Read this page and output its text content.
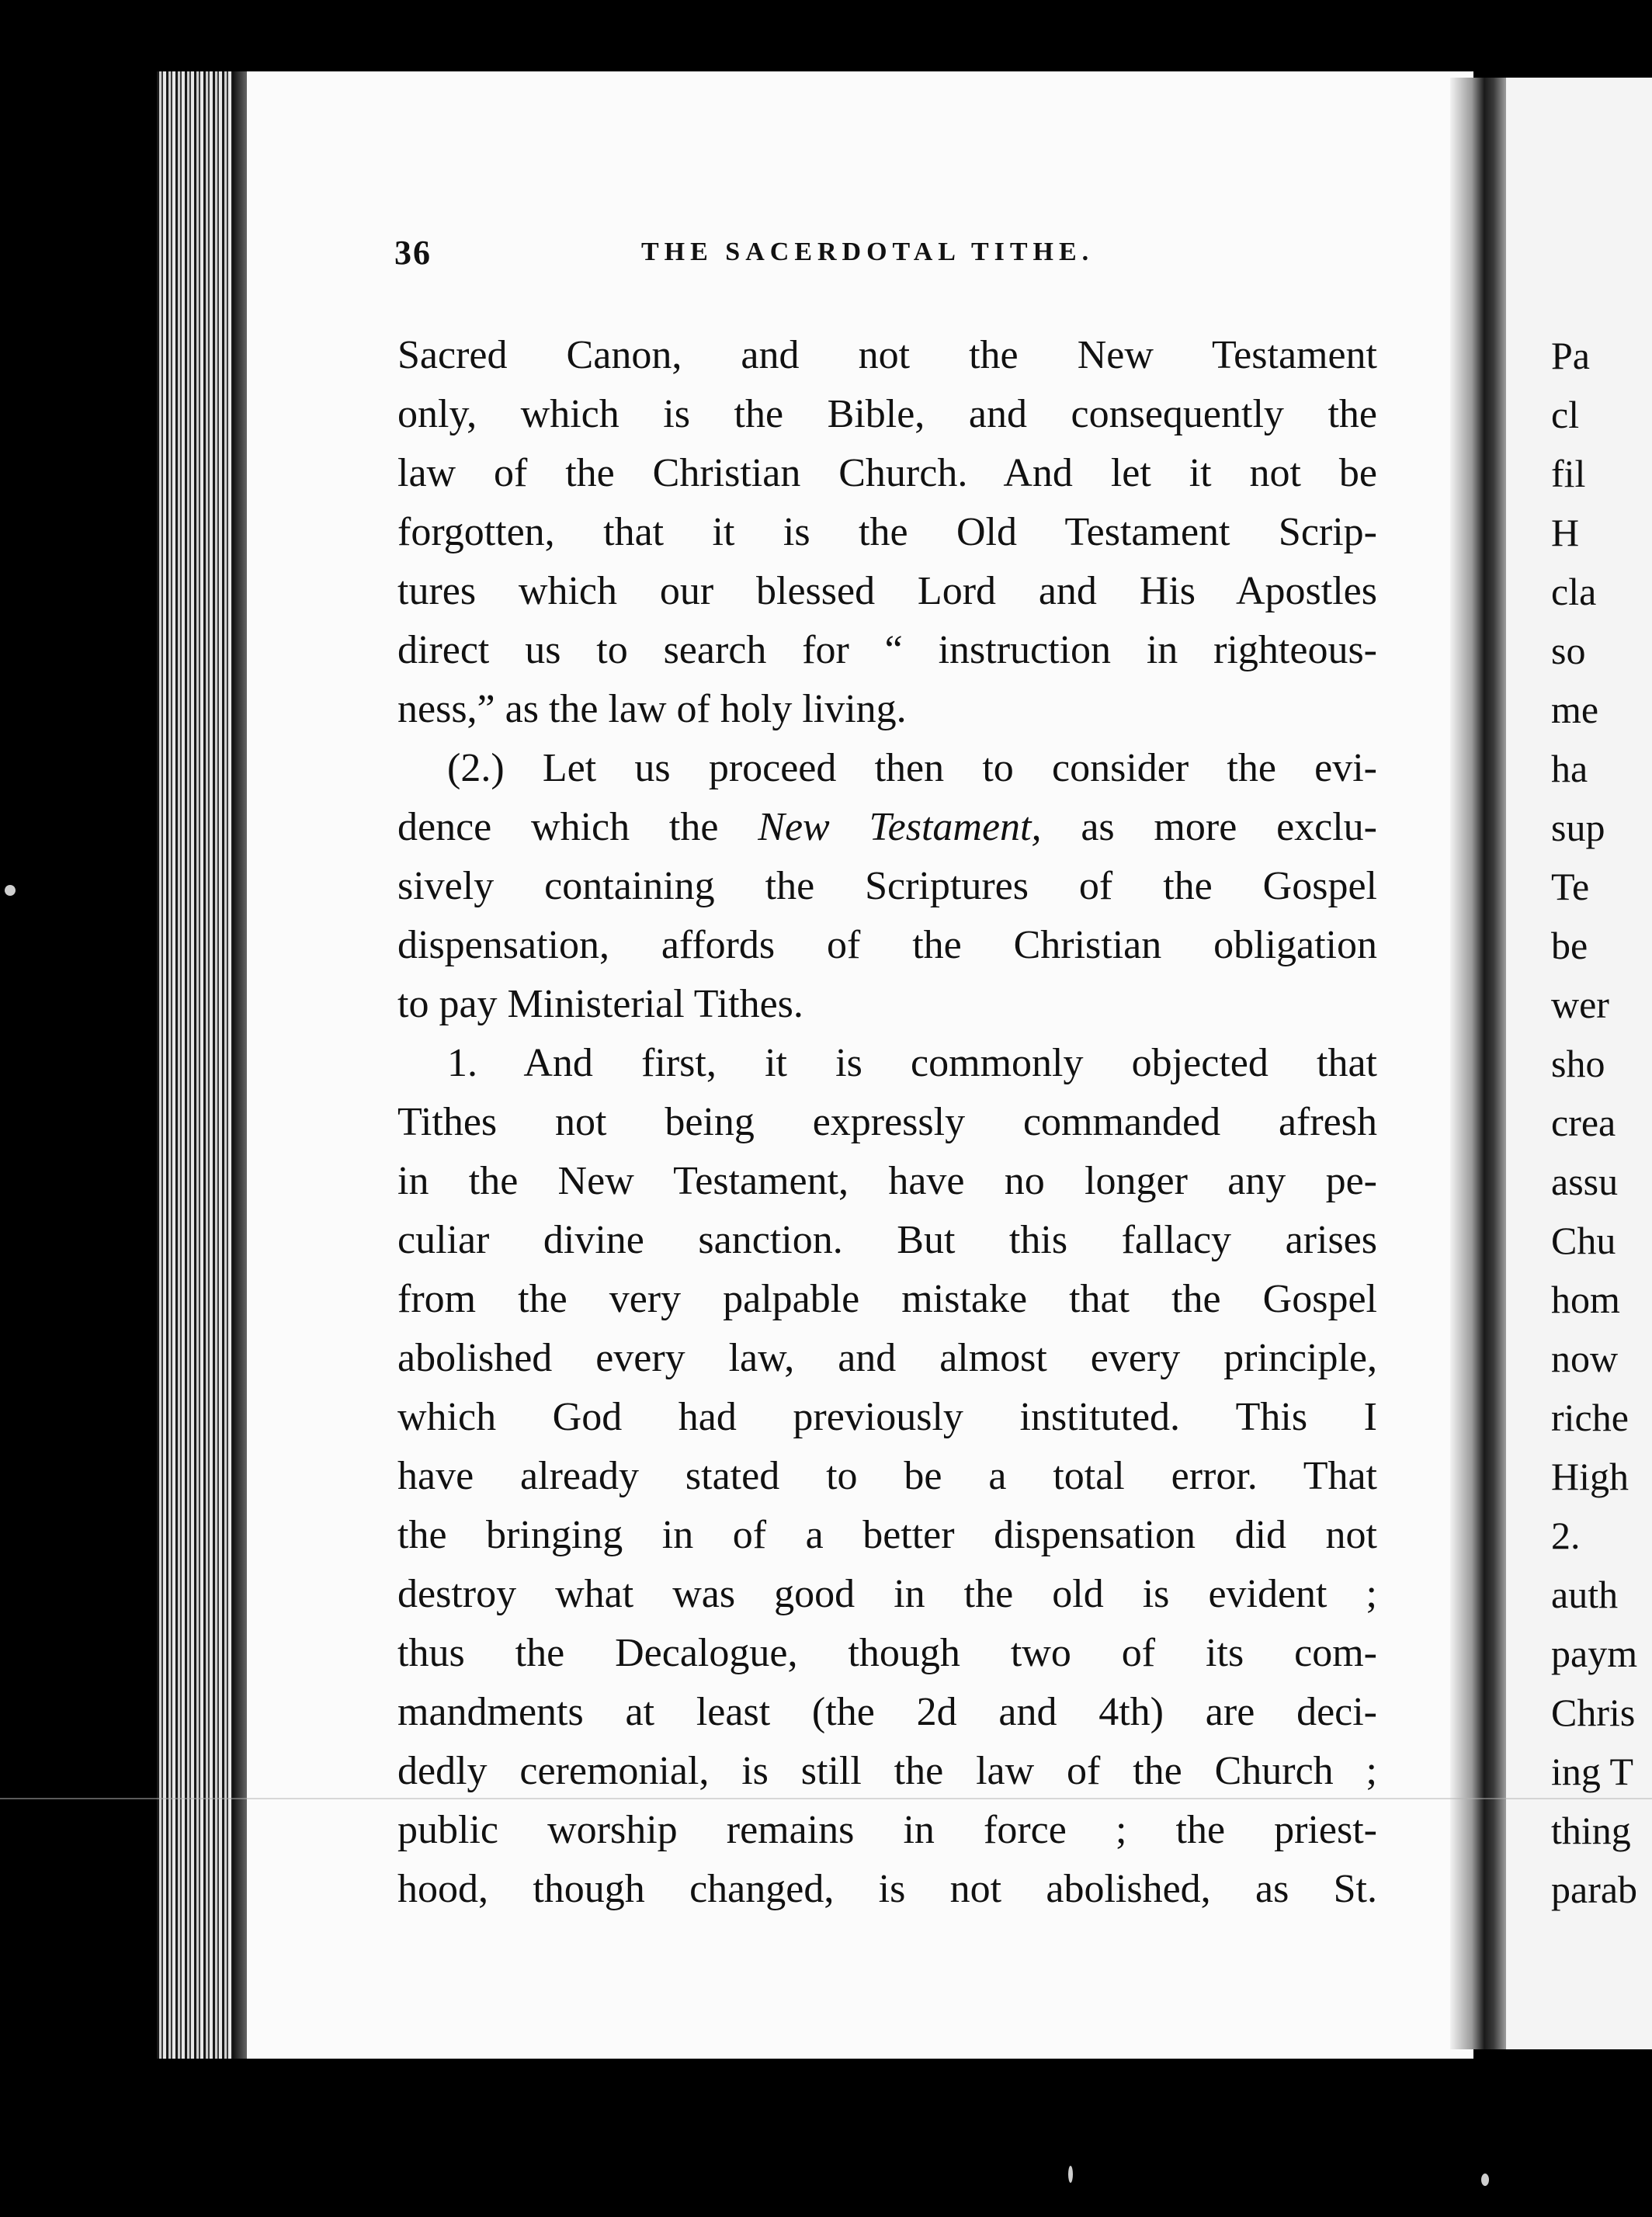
36	THE SACERDOTAL TITHE.
Sacred Canon, and not the New Testament
only, which is the Bible, and consequently the
law of the Christian Church. And let it not be
forgotten, that it is the Old Testament Scrip-
tures which our blessed Lord and His Apostles
direct us to search for “ instruction in righteous-
ness,” as the law of holy living.
(2.) Let us proceed then to consider the evi-
dence which the New Testament, as more exclu-
sively containing the Scriptures of the Gospel
dispensation, affords of the Christian obligation
to pay Ministerial Tithes.
1. And first, it is commonly objected that
Tithes not being expressly commanded afresh
in the New Testament, have no longer any pe-
culiar divine sanction. But this fallacy arises
from the very palpable mistake that the Gospel
abolished every law, and almost every principle,
which God had previously instituted. This I
have already stated to be a total error. That
the bringing in of a better dispensation did not
destroy what was good in the old is evident ;
thus the Decalogue, though two of its com-
mandments at least (the 2d and 4th) are deci-
dedly ceremonial, is still the law of the Church ;
public worship remains in force ; the priest-
hood, though changed, is not abolished, as St.
Pa
cl
fil
H
cla
so
me
ha
sup
Te
be
wer
sho
crea
assu
Chu
hom
now
riche
High
2.
auth
paym
Chris
ing T
thing
parab
